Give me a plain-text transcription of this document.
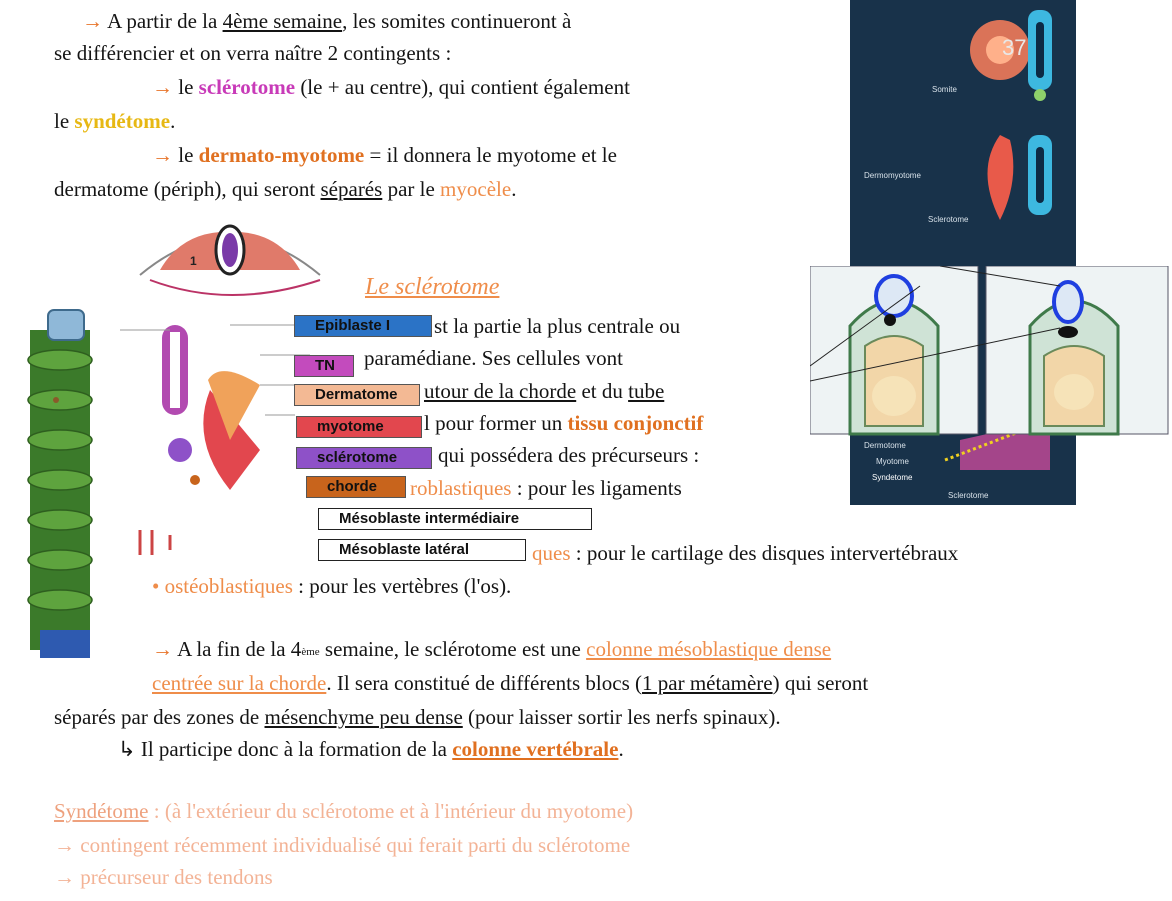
→ A partir de la 4ème semaine, les somites continueront à
se différencier et on verra naître 2 contingents :
→ le sclérotome (le + au centre), qui contient également
le syndétome.
→ le dermato-myotome = il donnera le myotome et le
dermatome (périph), qui seront séparés par le myocèle.
1
Le sclérotome
Epiblaste I
TN
Dermatome
myotome
sclérotome
chorde
Mésoblaste intermédiaire
Mésoblaste latéral
st la partie la plus centrale ou
paramédiane. Ses cellules vont
utour de la chorde et du tube
l pour former un tissu conjonctif
qui possédera des précurseurs :
roblastiques : pour les ligaments
ques : pour le cartilage des disques intervertébraux
• ostéoblastiques : pour les vertèbres (l'os).
→ A la fin de la 4ème semaine, le sclérotome est une colonne mésoblastique dense
centrée sur la chorde. Il sera constitué de différents blocs (1 par métamère) qui seront
séparés par des zones de mésenchyme peu dense (pour laisser sortir les nerfs spinaux).
↳ Il participe donc à la formation de la colonne vertébrale.
Syndétome : (à l'extérieur du sclérotome et à l'intérieur du myotome)
→ contingent récemment individualisé qui ferait parti du sclérotome
→ précurseur des tendons
37
Somite
Dermomyotome
Sclerotome
Dermotome
Myotome
Syndetome
Sclerotome
